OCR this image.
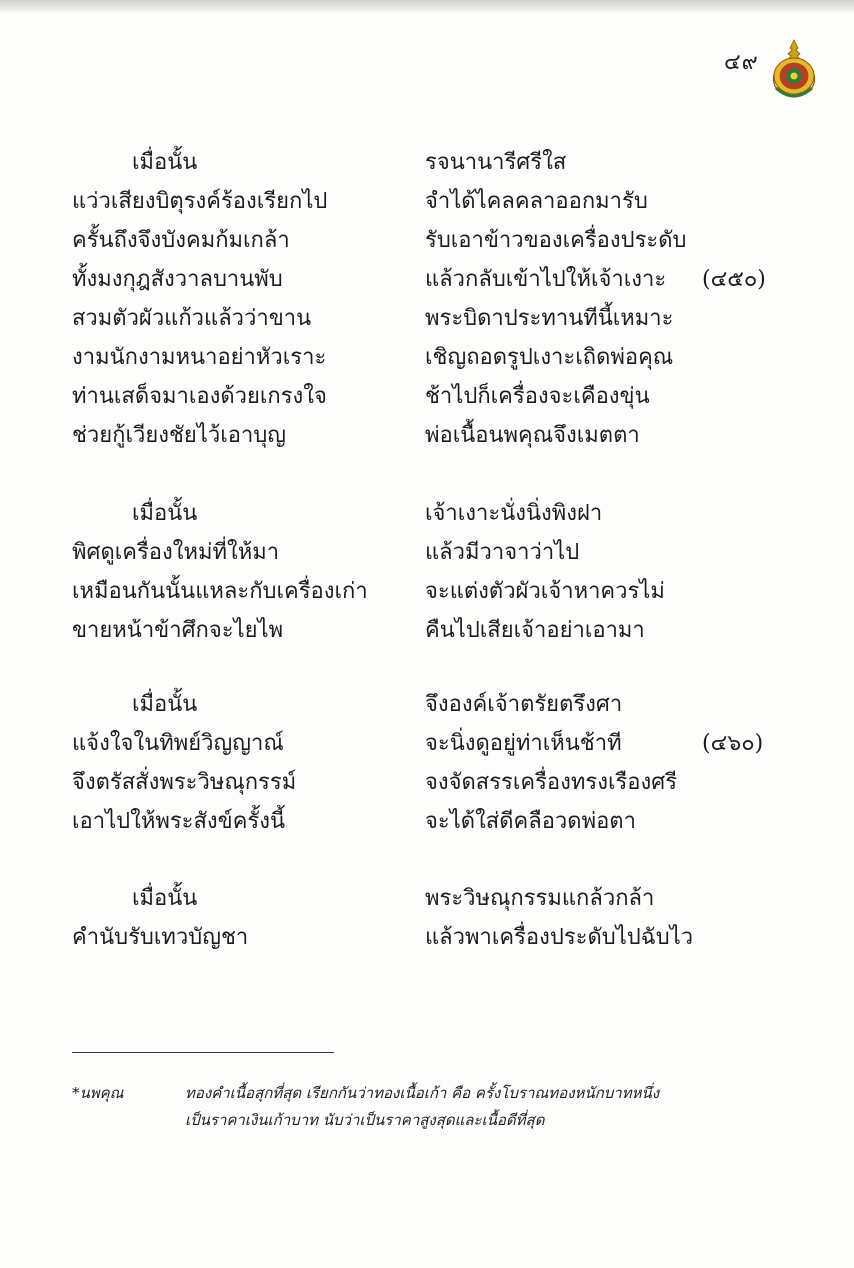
๔๙
เมื่อนั้น	รจนานารีศรีใส
แว่วเสียงบิตุรงค์ร้องเรียกไป	จำได้ไคลคลาออกมารับ
ครั้นถึงจึงบังคมก้มเกล้า	รับเอาข้าวของเครื่องประดับ
ทั้งมงกุฎสังวาลบานพับ	แล้วกลับเข้าไปให้เจ้าเงาะ (๔๕๐)
สวมตัวผัวแก้วแล้วว่าขาน	พระบิดาประทานทีนี้เหมาะ
งามนักงามหนาอย่าหัวเราะ	เชิญถอดรูปเงาะเถิดพ่อคุณ
ท่านเสด็จมาเองด้วยเกรงใจ	ช้าไปก็เครื่องจะเคืองขุ่น
ช่วยกู้เวียงชัยไว้เอาบุญ	พ่อเนื้อนพคุณจึงเมตตา
เมื่อนั้น	เจ้าเงาะนั่งนิ่งพิงฝา
พิศดูเครื่องใหม่ที่ให้มา	แล้วมีวาจาว่าไป
เหมือนกันนั้นแหละกับเครื่องเก่า	จะแต่งตัวผัวเจ้าหาควรไม่
ขายหน้าข้าศึกจะไยไพ	คืนไปเสียเจ้าอย่าเอามา
เมื่อนั้น	จึงองค์เจ้าตรัยตรึงศา
แจ้งใจในทิพย์วิญญาณ์	จะนิ่งดูอยู่ท่าเห็นช้าที	(๔๖๐)
จึงตรัสสั่งพระวิษณุกรรม์	จงจัดสรรเครื่องทรงเรืองศรี
เอาไปให้พระสังข์ครั้งนี้	จะได้ใส่ดีคลือวดพ่อตา
เมื่อนั้น	พระวิษณุกรรมแกล้วกล้า
คำนับรับเทวบัญชา	แล้วพาเครื่องประดับไปฉับไว
*นพคุณ	ทองคำเนื้อสุกที่สุด เรียกกันว่าทองเนื้อเก้า คือ ครั้งโบราณทองหนักบาทหนึ่ง
เป็นราคาเงินเก้าบาท นับว่าเป็นราคาสูงสุดและเนื้อดีที่สุด
